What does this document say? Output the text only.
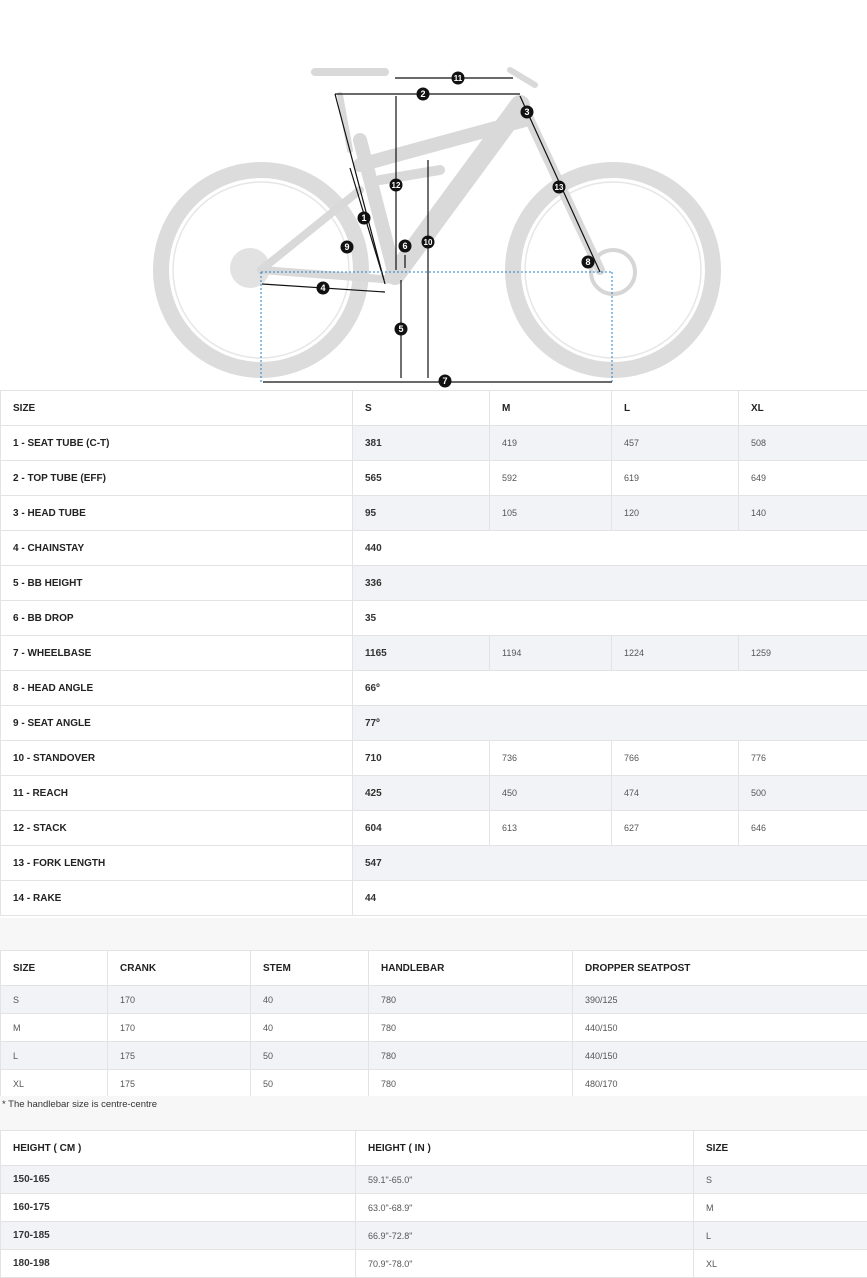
1
2
3
4
5
6
7
8
9	10
11
12	13
SIZE	S	M	L	XL
1 - SEAT TUBE (C-T)	381	419	457	508
2 - TOP TUBE (EFF)	565	592	619	649
3 - HEAD TUBE	95	105	120	140
4 - CHAINSTAY	440			
5 - BB HEIGHT	336			
6 - BB DROP	35			
7 - WHEELBASE	1165	1194	1224	1259
8 - HEAD ANGLE	66º			
9 - SEAT ANGLE	77º			
10 - STANDOVER	710	736	766	776
11 - REACH	425	450	474	500
12 - STACK	604	613	627	646
13 - FORK LENGTH	547			
14 - RAKE	44			
SIZE	CRANK	STEM	HANDLEBAR	DROPPER SEATPOST
S	170	40	780	390/125
M	170	40	780	440/150
L	175	50	780	440/150
XL	175	50	780	480/170
* The handlebar size is centre-centre
HEIGHT ( CM )	HEIGHT ( IN )	SIZE
150-165	59.1"-65.0"	S
160-175	63.0"-68.9"	M
170-185	66.9"-72.8"	L
180-198	70.9"-78.0"	XL
